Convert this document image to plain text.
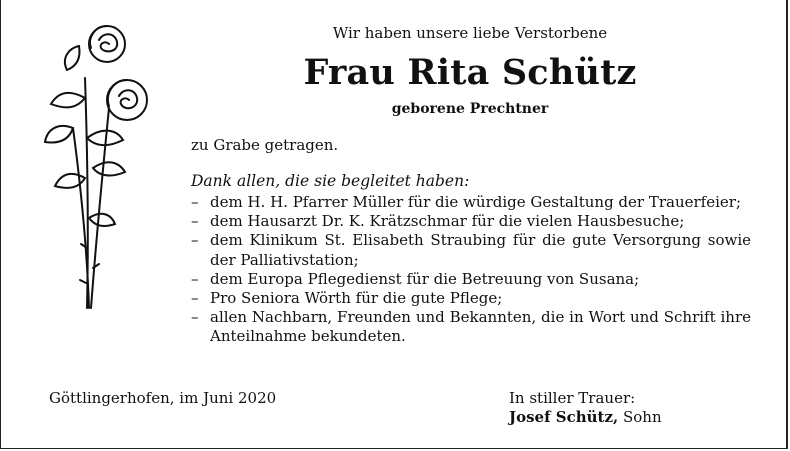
Wir haben unsere liebe Verstorbene
Frau Rita Schütz
geborene Prechtner
zu Grabe getragen.
Dank allen, die sie begleitet haben:
– dem H. H. Pfarrer Müller für die würdige Gestaltung der Trauerfeier;
– dem Hausarzt Dr. K. Krätzschmar für die vielen Hausbesuche;
– dem Klinikum St. Elisabeth Straubing für die gute Versorgung sowie der Palliativstation;
– dem Europa Pflegedienst für die Betreuung von Susana;
– Pro Seniora Wörth für die gute Pflege;
– allen Nachbarn, Freunden und Bekannten, die in Wort und Schrift ihre Anteilnahme bekundeten.
Göttlingerhofen, im Juni 2020	In stiller Trauer:
Josef Schütz, Sohn
